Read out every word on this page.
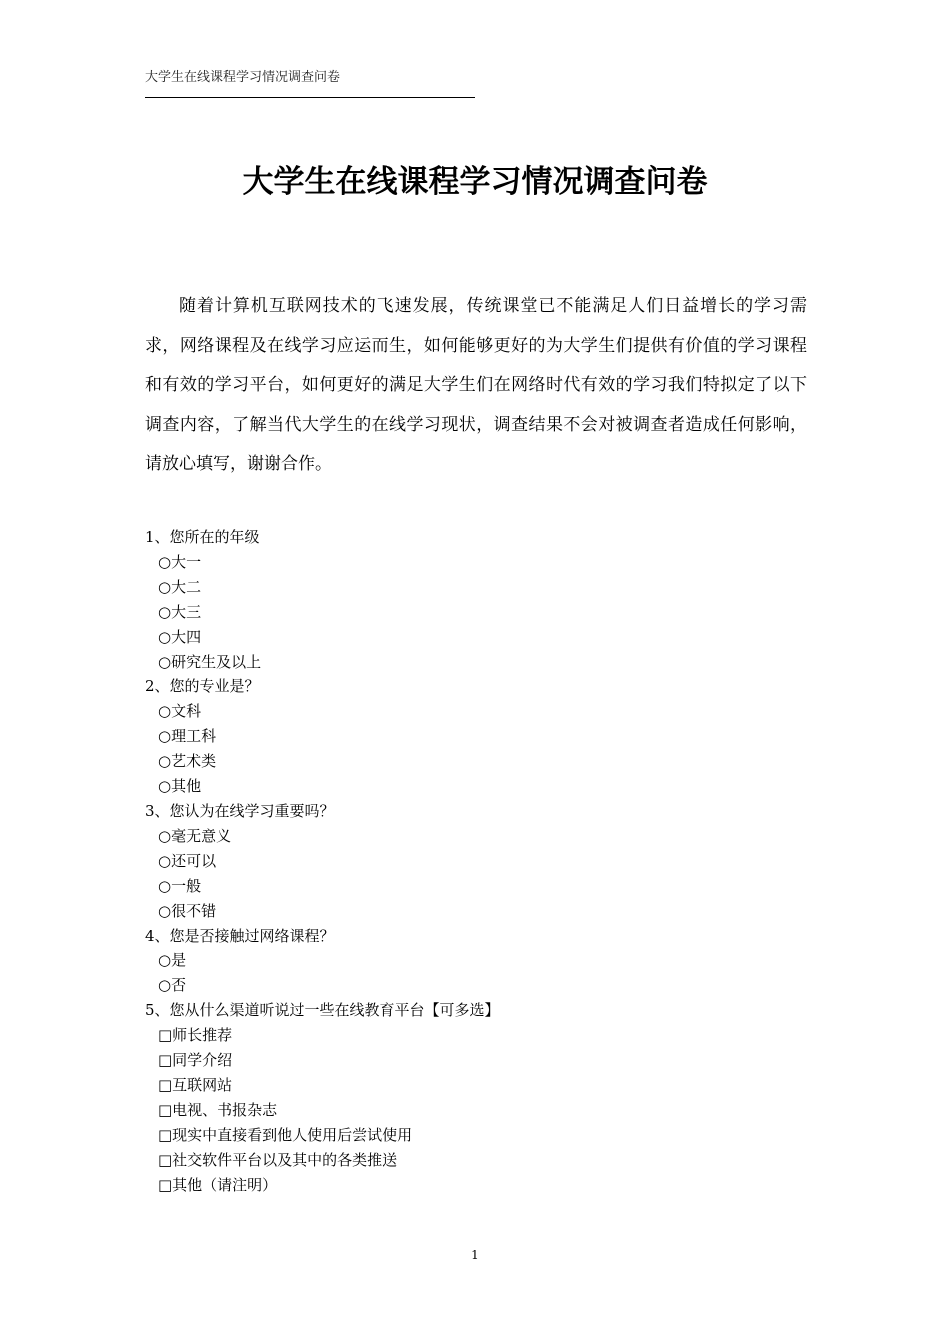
大学生在线课程学习情况调查问卷
大学生在线课程学习情况调查问卷
随着计算机互联网技术的飞速发展，传统课堂已不能满足人们日益增长的学习需求，网络课程及在线学习应运而生，如何能够更好的为大学生们提供有价值的学习课程和有效的学习平台，如何更好的满足大学生们在网络时代有效的学习我们特拟定了以下调查内容，了解当代大学生的在线学习现状，调查结果不会对被调查者造成任何影响，请放心填写，谢谢合作。
1、您所在的年级
○大一
○大二
○大三
○大四
○研究生及以上
2、您的专业是？
○文科
○理工科
○艺术类
○其他
3、您认为在线学习重要吗？
○毫无意义
○还可以
○一般
○很不错
4、您是否接触过网络课程？
○是
○否
5、您从什么渠道听说过一些在线教育平台【可多选】
□师长推荐
□同学介绍
□互联网站
□电视、书报杂志
□现实中直接看到他人使用后尝试使用
□社交软件平台以及其中的各类推送
□其他（请注明）
1
